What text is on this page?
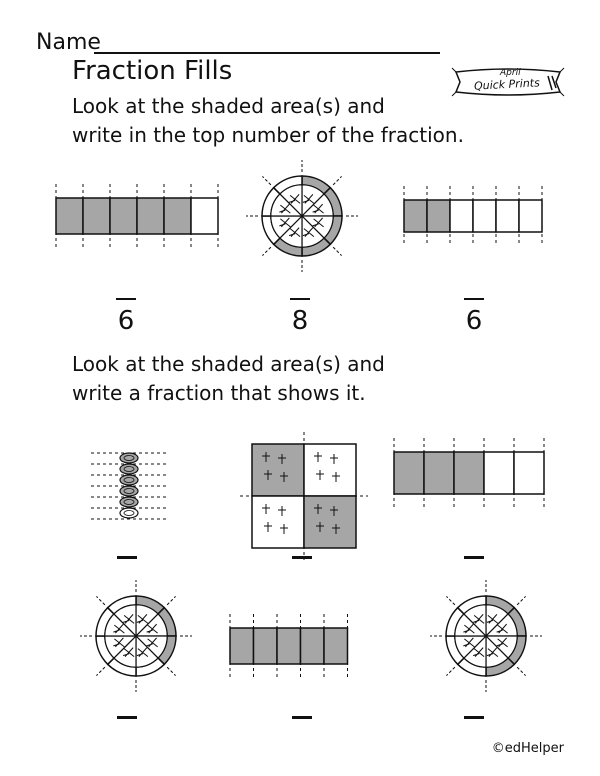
Name
Fraction Fills	April
Quick Prints
Look at the shaded area(s) and
write in the top number of the fraction.
6	8	6
Look at the shaded area(s) and
write a fraction that shows it.
©edHelper
